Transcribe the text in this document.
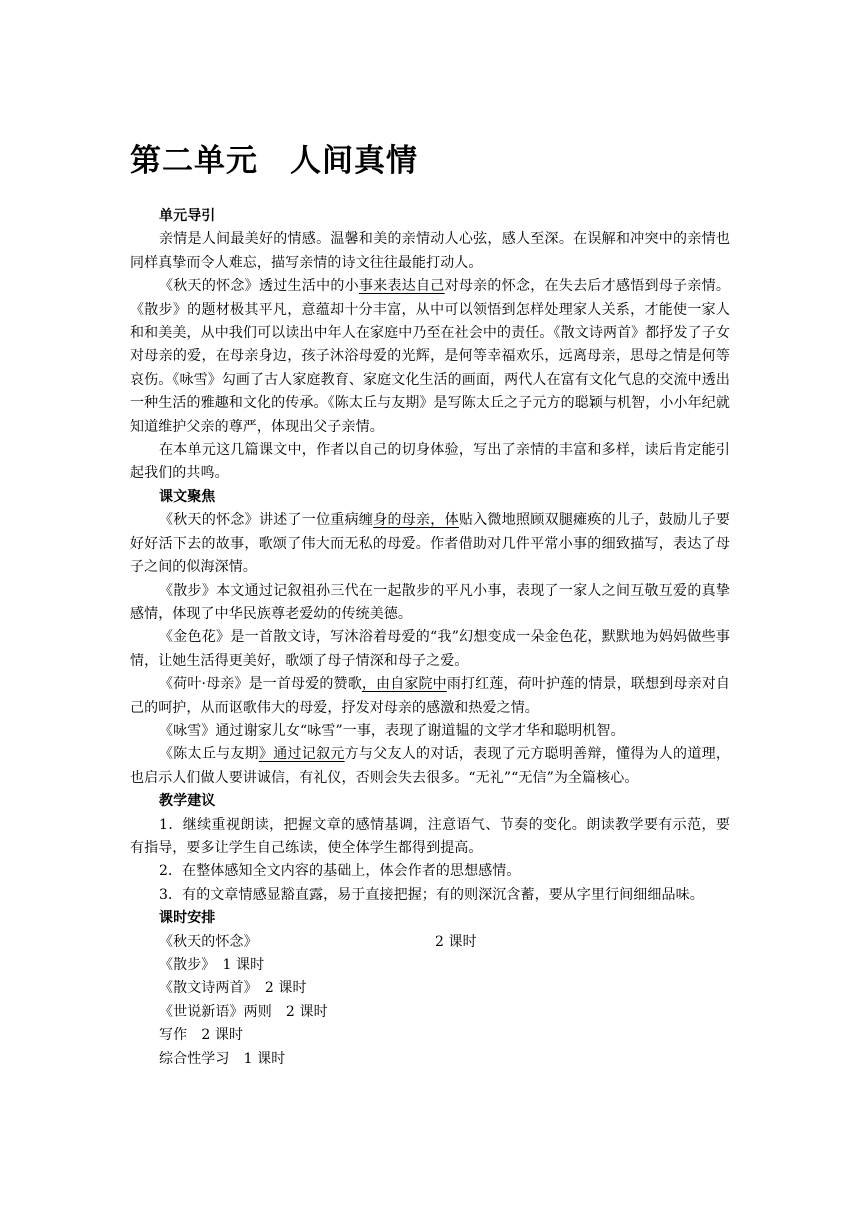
第二单元　人间真情

单元导引

亲情是人间最美好的情感。温馨和美的亲情动人心弦，感人至深。在误解和冲突中的亲情也同样真挚而令人难忘，描写亲情的诗文往往最能打动人。

《秋天的怀念》透过生活中的小事来表达自己对母亲的怀念，在失去后才感悟到母子亲情。《散步》的题材极其平凡，意蕴却十分丰富，从中可以领悟到怎样处理家人关系，才能使一家人和和美美，从中我们可以读出中年人在家庭中乃至在社会中的责任。《散文诗两首》都抒发了子女对母亲的爱，在母亲身边，孩子沐浴母爱的光辉，是何等幸福欢乐，远离母亲，思母之情是何等哀伤。《咏雪》勾画了古人家庭教育、家庭文化生活的画面，两代人在富有文化气息的交流中透出一种生活的雅趣和文化的传承。《陈太丘与友期》是写陈太丘之子元方的聪颖与机智，小小年纪就知道维护父亲的尊严，体现出父子亲情。

在本单元这几篇课文中，作者以自己的切身体验，写出了亲情的丰富和多样，读后肯定能引起我们的共鸣。

课文聚焦

《秋天的怀念》讲述了一位重病缠身的母亲，体贴入微地照顾双腿瘫痪的儿子，鼓励儿子要好好活下去的故事，歌颂了伟大而无私的母爱。作者借助对几件平常小事的细致描写，表达了母子之间的似海深情。

《散步》本文通过记叙祖孙三代在一起散步的平凡小事，表现了一家人之间互敬互爱的真挚感情，体现了中华民族尊老爱幼的传统美德。

《金色花》是一首散文诗，写沐浴着母爱的“我”幻想变成一朵金色花，默默地为妈妈做些事情，让她生活得更美好，歌颂了母子情深和母子之爱。

《荷叶·母亲》是一首母爱的赞歌，由自家院中雨打红莲，荷叶护莲的情景，联想到母亲对自己的呵护，从而讴歌伟大的母爱，抒发对母亲的感激和热爱之情。

《咏雪》通过谢家儿女“咏雪”一事，表现了谢道韫的文学才华和聪明机智。

《陈太丘与友期》通过记叙元方与父友人的对话，表现了元方聪明善辩，懂得为人的道理，也启示人们做人要讲诚信，有礼仪，否则会失去很多。“无礼”“无信”为全篇核心。

教学建议

1．继续重视朗读，把握文章的感情基调，注意语气、节奏的变化。朗读教学要有示范，要有指导，要多让学生自己练读，使全体学生都得到提高。

2．在整体感知全文内容的基础上，体会作者的思想感情。

3．有的文章情感显豁直露，易于直接把握；有的则深沉含蓄，要从字里行间细细品味。

课时安排

《秋天的怀念》	2 课时

《散步》　1 课时

《散文诗两首》　2 课时

《世说新语》两则　2 课时

写作　2 课时

综合性学习　1 课时
